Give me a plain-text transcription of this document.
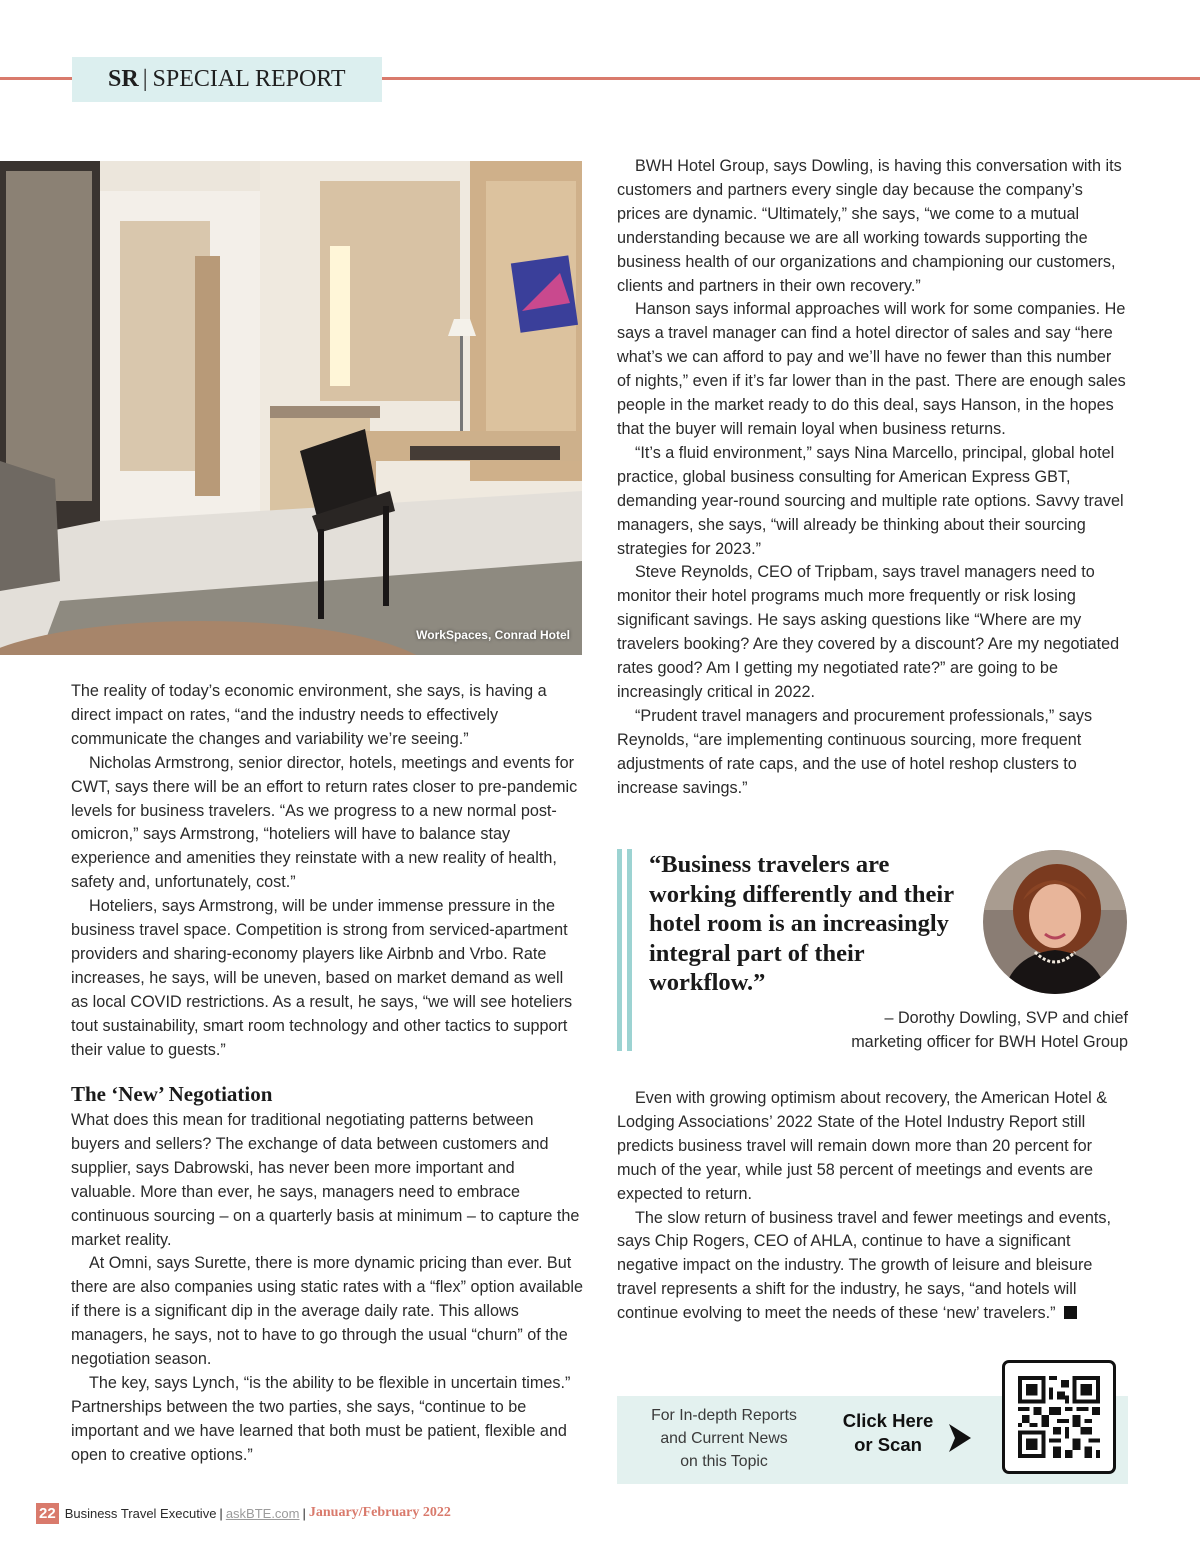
SR | SPECIAL REPORT
WorkSpaces, Conrad Hotel

The reality of today’s economic environment, she says, is having a direct impact on rates, “and the industry needs to effectively communicate the changes and variability we’re seeing.”

Nicholas Armstrong, senior director, hotels, meetings and events for CWT, says there will be an effort to return rates closer to pre-pandemic levels for business travelers. “As we progress to a new normal post-omicron,” says Armstrong, “hoteliers will have to balance stay experience and amenities they reinstate with a new reality of health, safety and, unfortunately, cost.”

Hoteliers, says Armstrong, will be under immense pressure in the business travel space. Competition is strong from serviced-apartment providers and sharing-economy players like Airbnb and Vrbo. Rate increases, he says, will be uneven, based on market demand as well as local COVID restrictions. As a result, he says, “we will see hoteliers tout sustainability, smart room technology and other tactics to support their value to guests.”

The ‘New’ Negotiation

What does this mean for traditional negotiating patterns between buyers and sellers? The exchange of data between customers and supplier, says Dabrowski, has never been more important and valuable. More than ever, he says, managers need to embrace continuous sourcing – on a quarterly basis at minimum – to capture the market reality.

At Omni, says Surette, there is more dynamic pricing than ever. But there are also companies using static rates with a “flex” option available if there is a significant dip in the average daily rate. This allows managers, he says, not to have to go through the usual “churn” of the negotiation season.

The key, says Lynch, “is the ability to be flexible in uncertain times.” Partnerships between the two parties, she says, “continue to be important and we have learned that both must be patient, flexible and open to creative options.”

BWH Hotel Group, says Dowling, is having this conversation with its customers and partners every single day because the company’s prices are dynamic. “Ultimately,” she says, “we come to a mutual understanding because we are all working towards supporting the business health of our organizations and championing our customers, clients and partners in their own recovery.”

Hanson says informal approaches will work for some companies. He says a travel manager can find a hotel director of sales and say “here what’s we can afford to pay and we’ll have no fewer than this number of nights,” even if it’s far lower than in the past. There are enough sales people in the market ready to do this deal, says Hanson, in the hopes that the buyer will remain loyal when business returns.

“It’s a fluid environment,” says Nina Marcello, principal, global hotel practice, global business consulting for American Express GBT, demanding year-round sourcing and multiple rate options. Savvy travel managers, she says, “will already be thinking about their sourcing strategies for 2023.”

Steve Reynolds, CEO of Tripbam, says travel managers need to monitor their hotel programs much more frequently or risk losing significant savings. He says asking questions like “Where are my travelers booking? Are they covered by a discount? Are my negotiated rates good? Am I getting my negotiated rate?” are going to be increasingly critical in 2022.

“Prudent travel managers and procurement professionals,” says Reynolds, “are implementing continuous sourcing, more frequent adjustments of rate caps, and the use of hotel reshop clusters to increase savings.”

“Business travelers are working differently and their hotel room is an increasingly integral part of their workflow.”
– Dorothy Dowling, SVP and chief
marketing officer for BWH Hotel Group

Even with growing optimism about recovery, the American Hotel & Lodging Associations’ 2022 State of the Hotel Industry Report still predicts business travel will remain down more than 20 percent for much of the year, while just 58 percent of meetings and events are expected to return.

The slow return of business travel and fewer meetings and events, says Chip Rogers, CEO of AHLA, continue to have a significant negative impact on the industry. The growth of leisure and bleisure travel represents a shift for the industry, he says, “and hotels will continue evolving to meet the needs of these ‘new’ travelers.”

For In-depth Reports
and Current News
on this Topic
Click Here
or Scan
22 Business Travel Executive | askBTE.com | January/February 2022
